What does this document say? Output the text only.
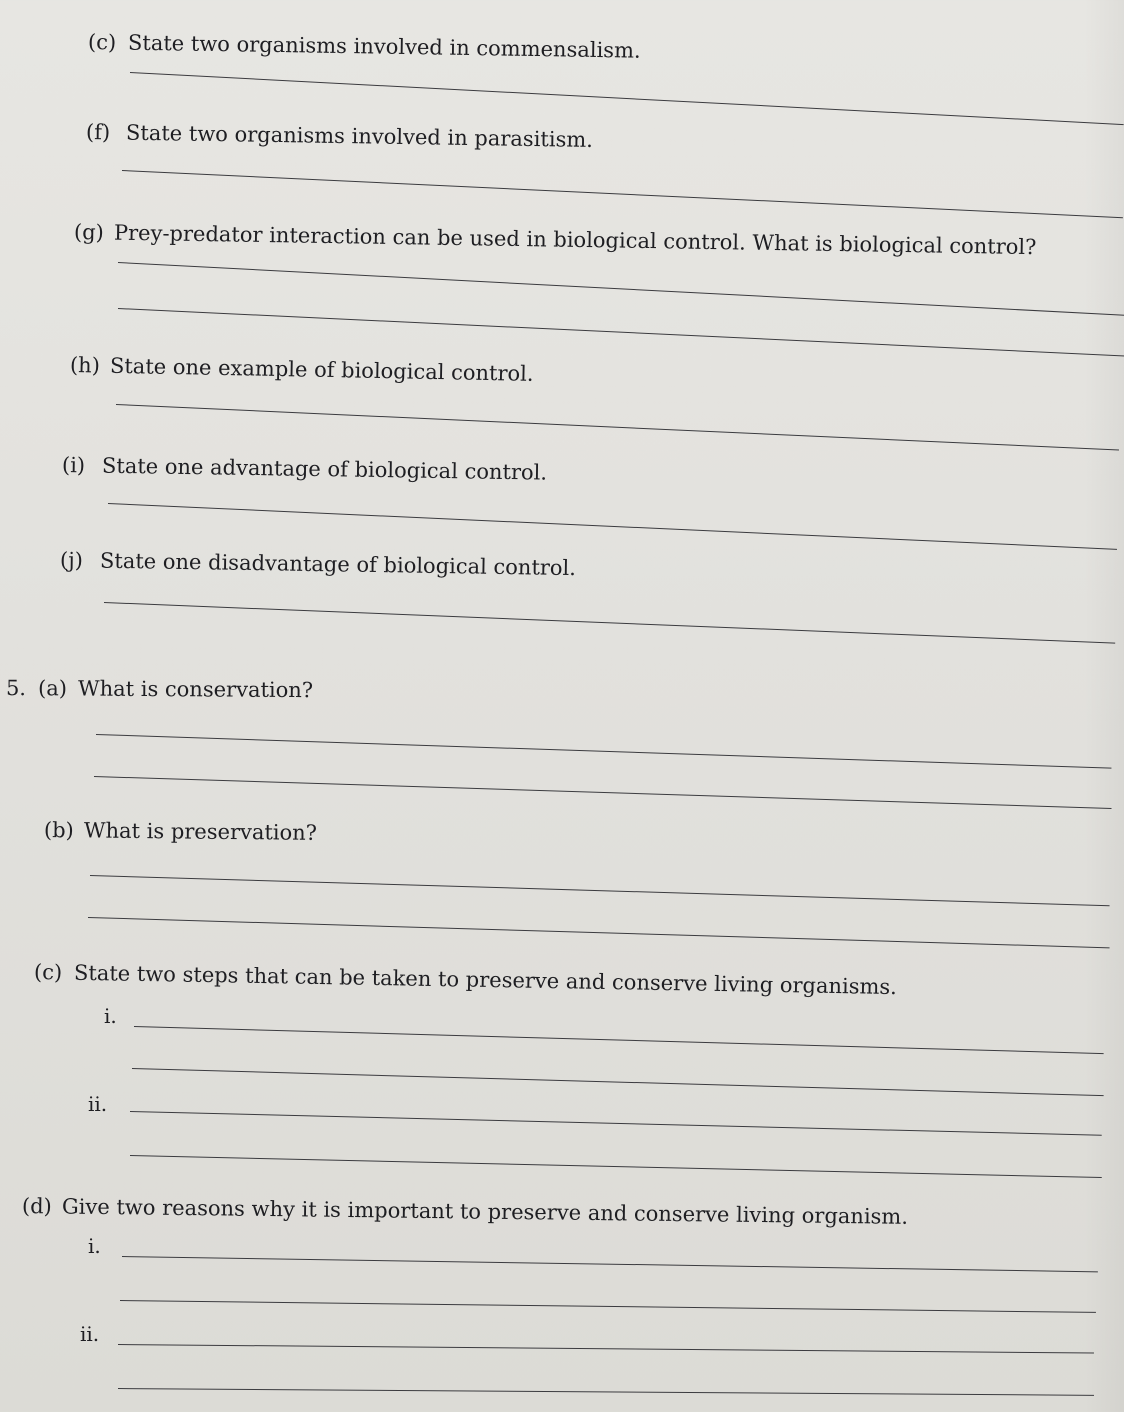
(c) State two organisms involved in commensalism.
(f) State two organisms involved in parasitism.
(g) Prey-predator interaction can be used in biological control. What is biological control?
(h) State one example of biological control.
(i) State one advantage of biological control.
(j) State one disadvantage of biological control.
5. (a) What is conservation?
(b) What is preservation?
(c) State two steps that can be taken to preserve and conserve living organisms.
i.
ii.
(d) Give two reasons why it is important to preserve and conserve living organism.
i.
ii.
